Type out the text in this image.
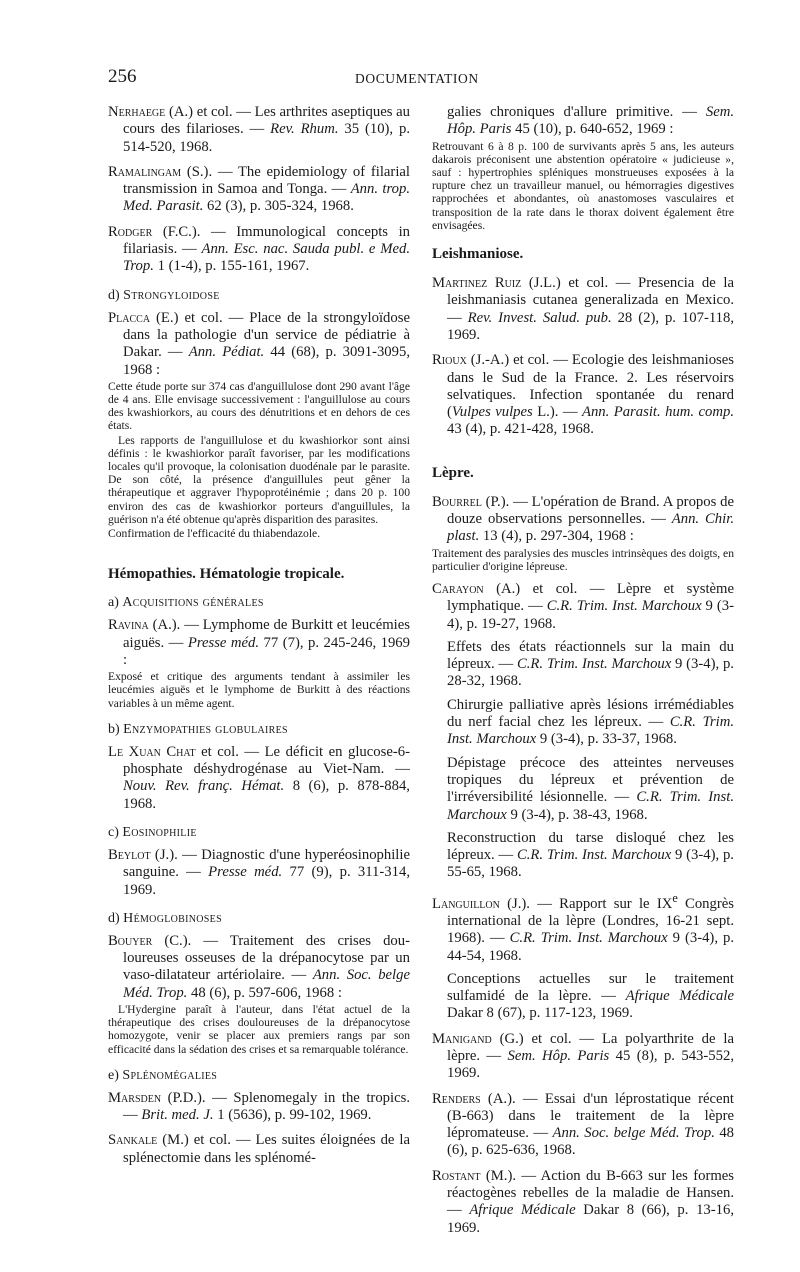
256	DOCUMENTATION

Nerhaege (A.) et col. — Les arthrites aseptiques au cours des filarioses. — Rev. Rhum. 35 (10), p. 514-520, 1968.

Ramalingam (S.). — The epidemiology of filarial transmission in Samoa and Tonga. — Ann. trop. Med. Parasit. 62 (3), p. 305-324, 1968.

Rodger (F.C.). — Immunological concepts in filariasis. — Ann. Esc. nac. Sauda publ. e Med. Trop. 1 (1-4), p. 155-161, 1967.

d) Strongyloidose

Placca (E.) et col. — Place de la strongyloïdose dans la pathologie d'un service de pédiatrie à Dakar. — Ann. Pédiat. 44 (68), p. 3091-3095, 1968 :

Cette étude porte sur 374 cas d'anguillulose dont 290 avant l'âge de 4 ans. Elle envisage successivement : l'anguillulose au cours des kwashiorkors, au cours des dénutritions et en dehors de ces états.

Les rapports de l'anguillulose et du kwashiorkor sont ainsi définis : le kwashiorkor paraît favoriser, par les modifications locales qu'il provoque, la colonisation duodénale par le parasite. De son côté, la présence d'anguillules peut gêner la thérapeutique et aggraver l'hypoprotéinémie ; dans 20 p. 100 environ des cas de kwashiorkor porteurs d'anguillules, la guérison n'a été obtenue qu'après disparition des parasites.

Confirmation de l'efficacité du thiabendazole.

Hémopathies. Hématologie tropicale.
a) Acquisitions générales

Ravina (A.). — Lymphome de Burkitt et leucémies aiguës. — Presse méd. 77 (7), p. 245-246, 1969 :

Exposé et critique des arguments tendant à assimiler les leucémies aiguës et le lymphome de Burkitt à des réactions variables à un même agent.

b) Enzymopathies globulaires

Le Xuan Chat et col. — Le déficit en glucose-6-phosphate déshydrogénase au Viet-Nam. — Nouv. Rev. franç. Hémat. 8 (6), p. 878-884, 1968.

c) Eosinophilie

Beylot (J.). — Diagnostic d'une hyperéosinophilie sanguine. — Presse méd. 77 (9), p. 311-314, 1969.

d) Hémoglobinoses

Bouyer (C.). — Traitement des crises douloureuses osseuses de la drépanocytose par un vaso-dilatateur artériolaire. — Ann. Soc. belge Méd. Trop. 48 (6), p. 597-606, 1968 :

L'Hydergine paraît à l'auteur, dans l'état actuel de la thérapeutique des crises douloureuses de la drépanocytose homozygote, venir se placer aux premiers rangs par son efficacité dans la sédation des crises et sa remarquable tolérance.

e) Splénomégalies

Marsden (P.D.). — Splenomegaly in the tropics. — Brit. med. J. 1 (5636), p. 99-102, 1969.

Sankale (M.) et col. — Les suites éloignées de la splénectomie dans les splénomé-

galies chroniques d'allure primitive. — Sem. Hôp. Paris 45 (10), p. 640-652, 1969 :

Retrouvant 6 à 8 p. 100 de survivants après 5 ans, les auteurs dakarois préconisent une abstention opératoire « judicieuse », sauf : hypertrophies spléniques monstrueuses exposées à la rupture chez un travailleur manuel, ou hémorragies digestives rapprochées et abondantes, où anastomoses vasculaires et transposition de la rate dans le thorax doivent également être envisagées.

Leishmaniose.

Martinez Ruiz (J.L.) et col. — Presencia de la leishmaniasis cutanea generalizada en Mexico. — Rev. Invest. Salud. pub. 28 (2), p. 107-118, 1969.

Rioux (J.-A.) et col. — Ecologie des leishmanioses dans le Sud de la France. 2. Les réservoirs selvatiques. Infection spontanée du renard (Vulpes vulpes L.). — Ann. Parasit. hum. comp. 43 (4), p. 421-428, 1968.

Lèpre.

Bourrel (P.). — L'opération de Brand. A propos de douze observations personnelles. — Ann. Chir. plast. 13 (4), p. 297-304, 1968 :

Traitement des paralysies des muscles intrinsèques des doigts, en particulier d'origine lépreuse.

Carayon (A.) et col. — Lèpre et système lymphatique. — C.R. Trim. Inst. Marchoux 9 (3-4), p. 19-27, 1968.

Effets des états réactionnels sur la main du lépreux. — C.R. Trim. Inst. Marchoux 9 (3-4), p. 28-32, 1968.

Chirurgie palliative après lésions irrémédiables du nerf facial chez les lépreux. — C.R. Trim. Inst. Marchoux 9 (3-4), p. 33-37, 1968.

Dépistage précoce des atteintes nerveuses tropiques du lépreux et prévention de l'irréversibilité lésionnelle. — C.R. Trim. Inst. Marchoux 9 (3-4), p. 38-43, 1968.

Reconstruction du tarse disloqué chez les lépreux. — C.R. Trim. Inst. Marchoux 9 (3-4), p. 55-65, 1968.

Languillon (J.). — Rapport sur le IXe Congrès international de la lèpre (Londres, 16-21 sept. 1968). — C.R. Trim. Inst. Marchoux 9 (3-4), p. 44-54, 1968.

Conceptions actuelles sur le traitement sulfamidé de la lèpre. — Afrique Médicale Dakar 8 (67), p. 117-123, 1969.

Manigand (G.) et col. — La polyarthrite de la lèpre. — Sem. Hôp. Paris 45 (8), p. 543-552, 1969.

Renders (A.). — Essai d'un léprostatique récent (B-663) dans le traitement de la lèpre lépromateuse. — Ann. Soc. belge Méd. Trop. 48 (6), p. 625-636, 1968.

Rostant (M.). — Action du B-663 sur les formes réactogènes rebelles de la maladie de Hansen. — Afrique Médicale Dakar 8 (66), p. 13-16, 1969.
